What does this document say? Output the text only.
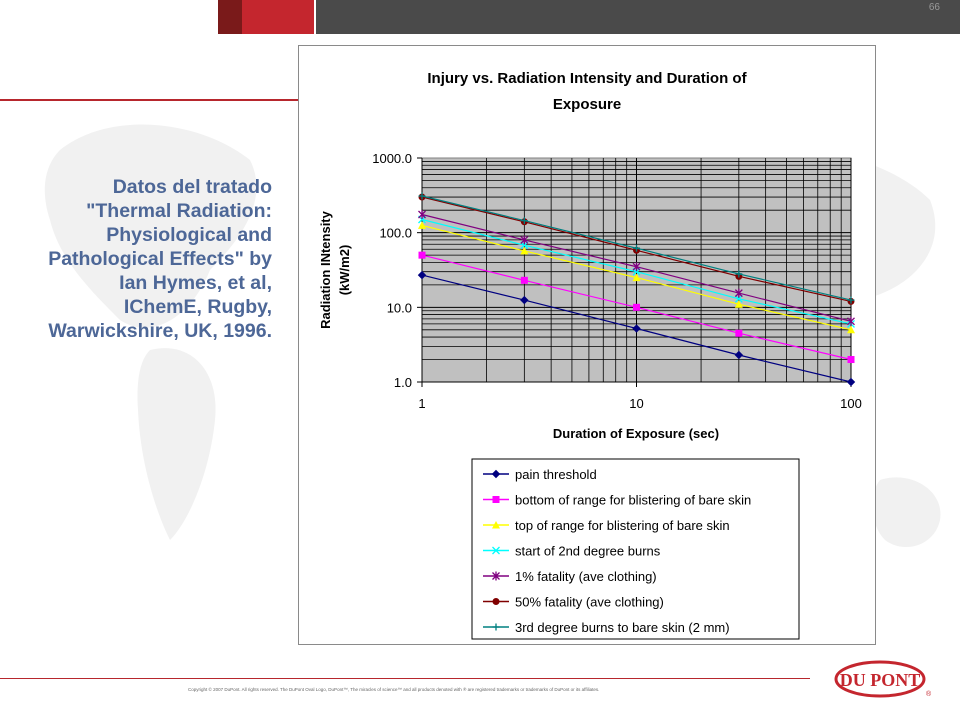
66
Datos del tratado "Thermal Radiation: Physiological and Pathological Effects" by Ian Hymes, et al, IChemE, Rugby, Warwickshire, UK, 1996.
Injury vs. Radiation Intensity and Duration of
Exposure
1.0
10.0
100.0
1000.0
1	10	100
Radiation INtensity (kW/m2)
Duration of Exposure (sec)
pain threshold
bottom of range for blistering of bare skin
top of range for blistering of bare skin
start of 2nd degree burns
1% fatality (ave clothing)
50% fatality (ave clothing)
3rd degree burns to bare skin (2 mm)
Copyright © 2007 DuPont. All rights reserved. The DuPont Oval Logo, DuPont™, The miracles of science™ and all products denoted with ® are registered trademarks or trademarks of DuPont or its affiliates.	DU PONT
®
